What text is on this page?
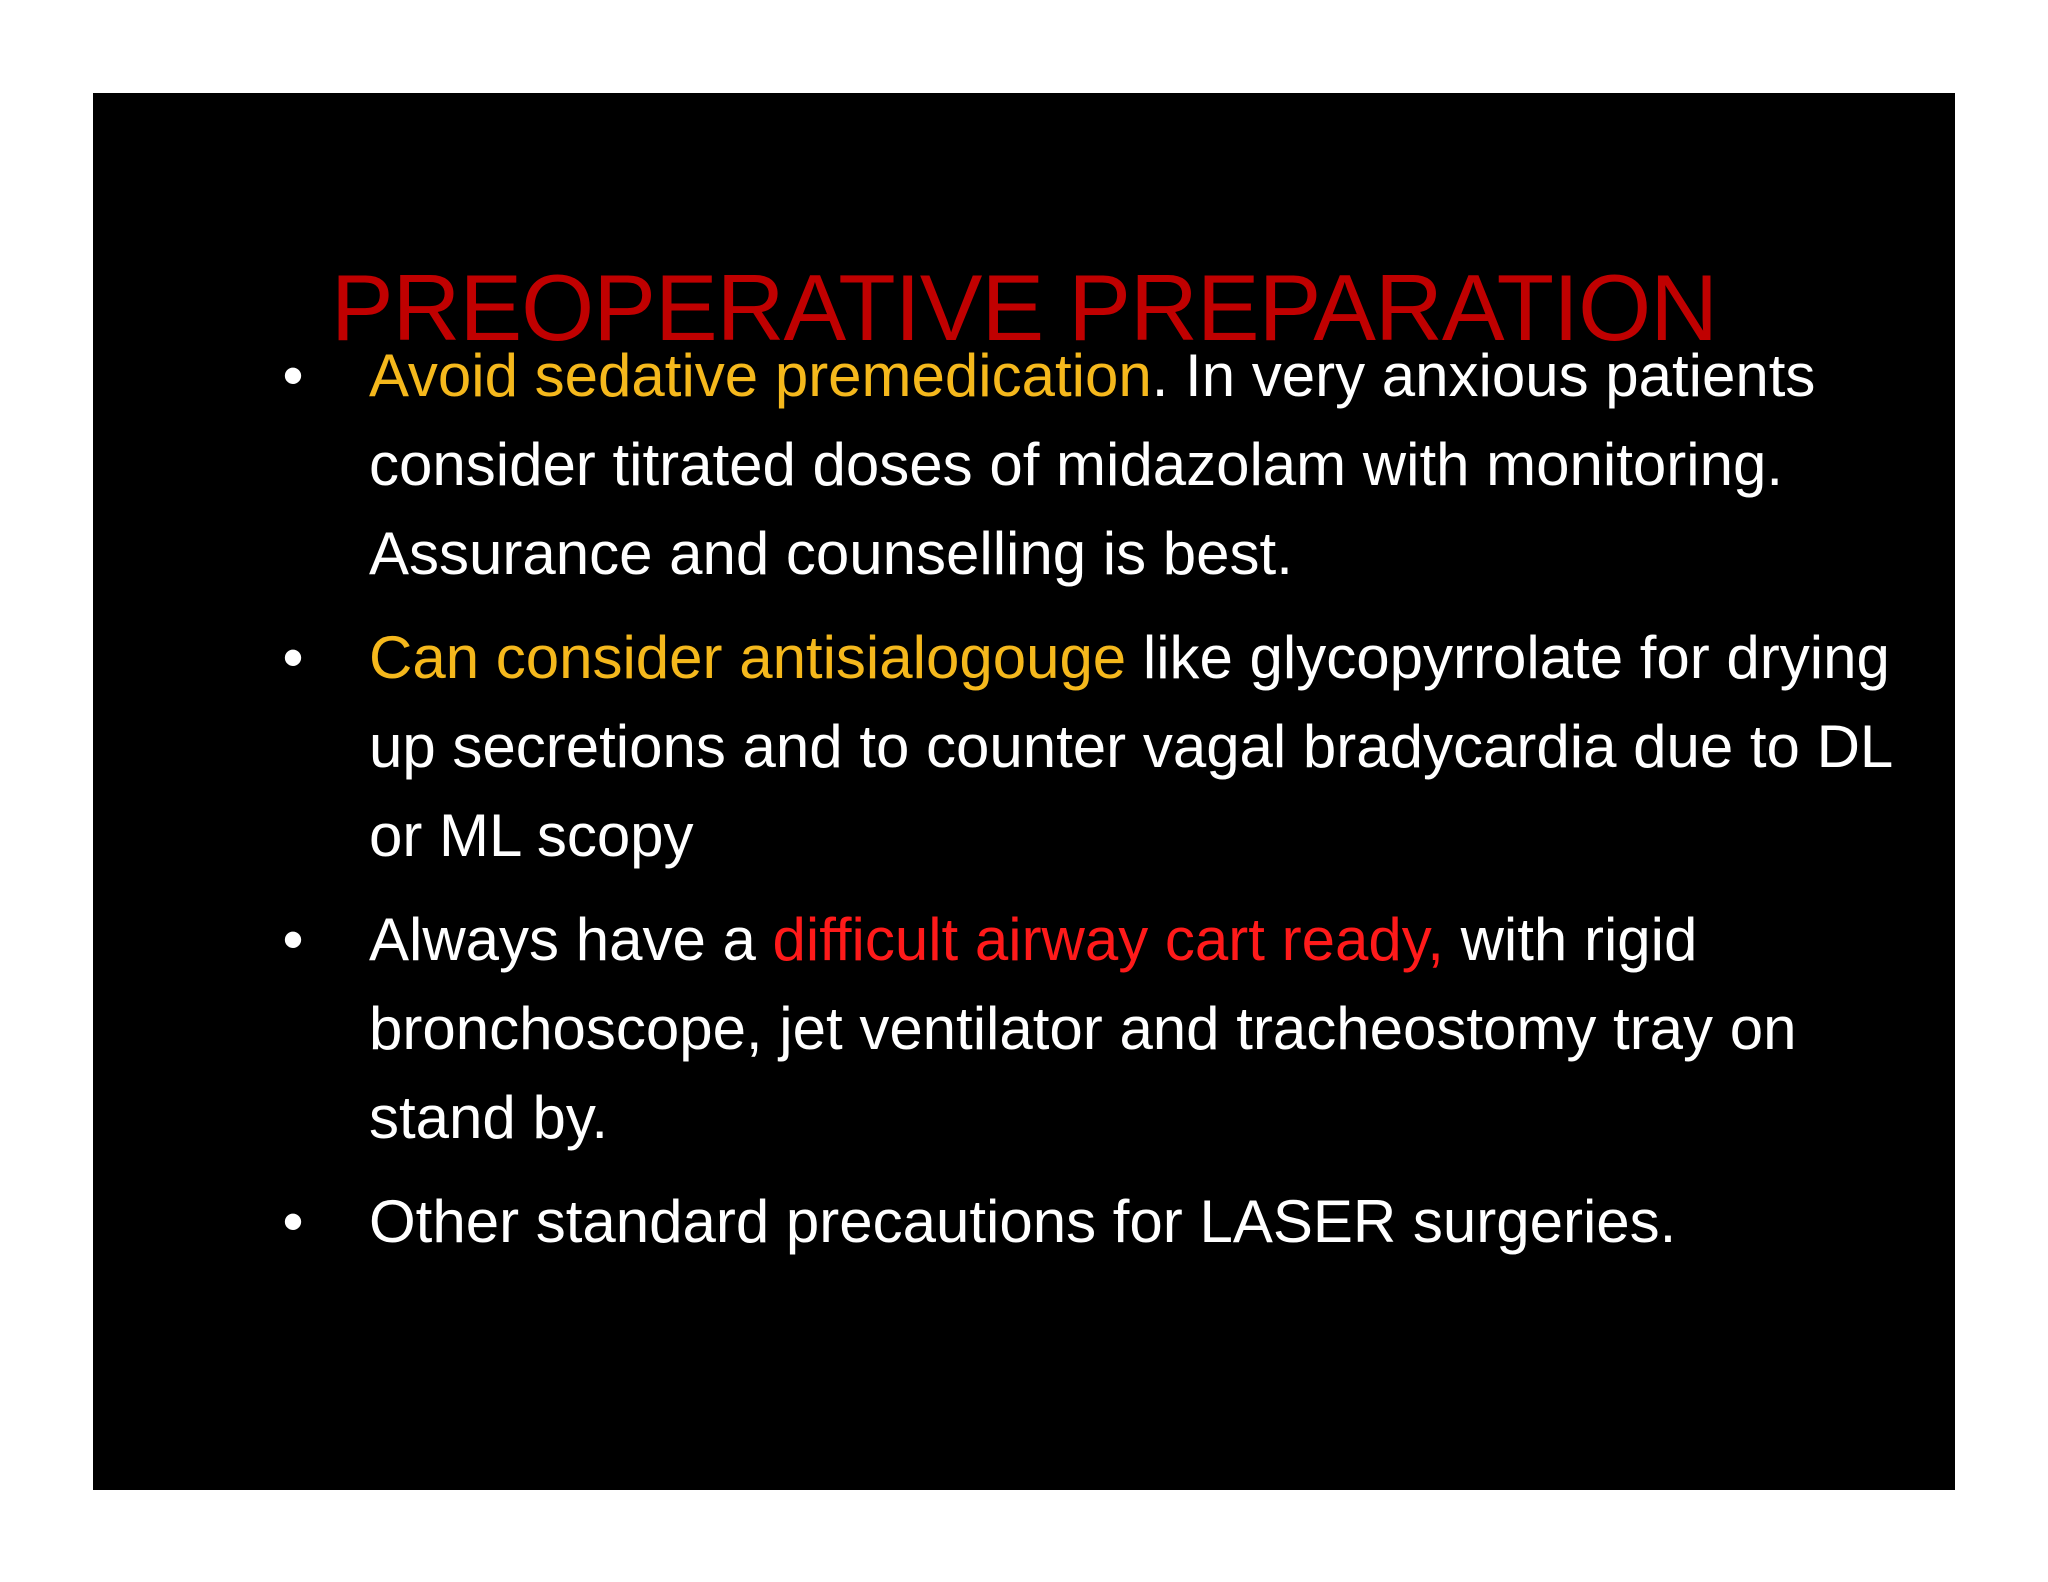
PREOPERATIVE PREPARATION
• Avoid sedative premedication. In very anxious patients consider titrated doses of midazolam with monitoring. Assurance and counselling is best.
• Can consider antisialogouge like glycopyrrolate for drying up secretions and to counter vagal bradycardia due to DL or ML scopy
• Always have a difficult airway cart ready, with rigid bronchoscope, jet ventilator and tracheostomy tray on stand by.
• Other standard precautions for LASER surgeries.
